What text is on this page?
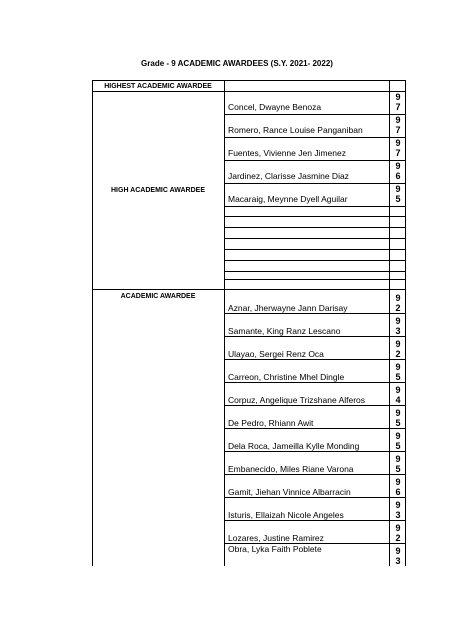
Grade - 9 ACADEMIC AWARDEES (S.Y. 2021- 2022)
HIGHEST ACADEMIC AWARDEE
HIGH ACADEMIC AWARDEE
ACADEMIC AWARDEE
Concel, Dwayne Benoza
9
7
Romero, Rance Louise Panganiban
9
7
Fuentes, Vivienne Jen Jimenez
9
7
Jardinez, Clarisse Jasmine Diaz
9
6
Macaraig, Meynne Dyell Aguilar
9
5
Aznar, Jherwayne Jann Darisay
9
2
Samante, King Ranz Lescano
9
3
Ulayao, Sergei Renz Oca
9
2
Carreon, Christine Mhel Dingle
9
5
Corpuz, Angelique Trizshane Alferos
9
4
De Pedro, Rhiann Awit
9
5
Dela Roca, Jameilla Kylle Monding
9
5
Embanecido, Miles Riane Varona
9
5
Gamit, Jiehan Vinnice Albarracin
9
6
Isturis, Ellaizah Nicole Angeles
9
3
Lozares, Justine Ramirez
9
2
Obra, Lyka Faith Poblete	9
3
